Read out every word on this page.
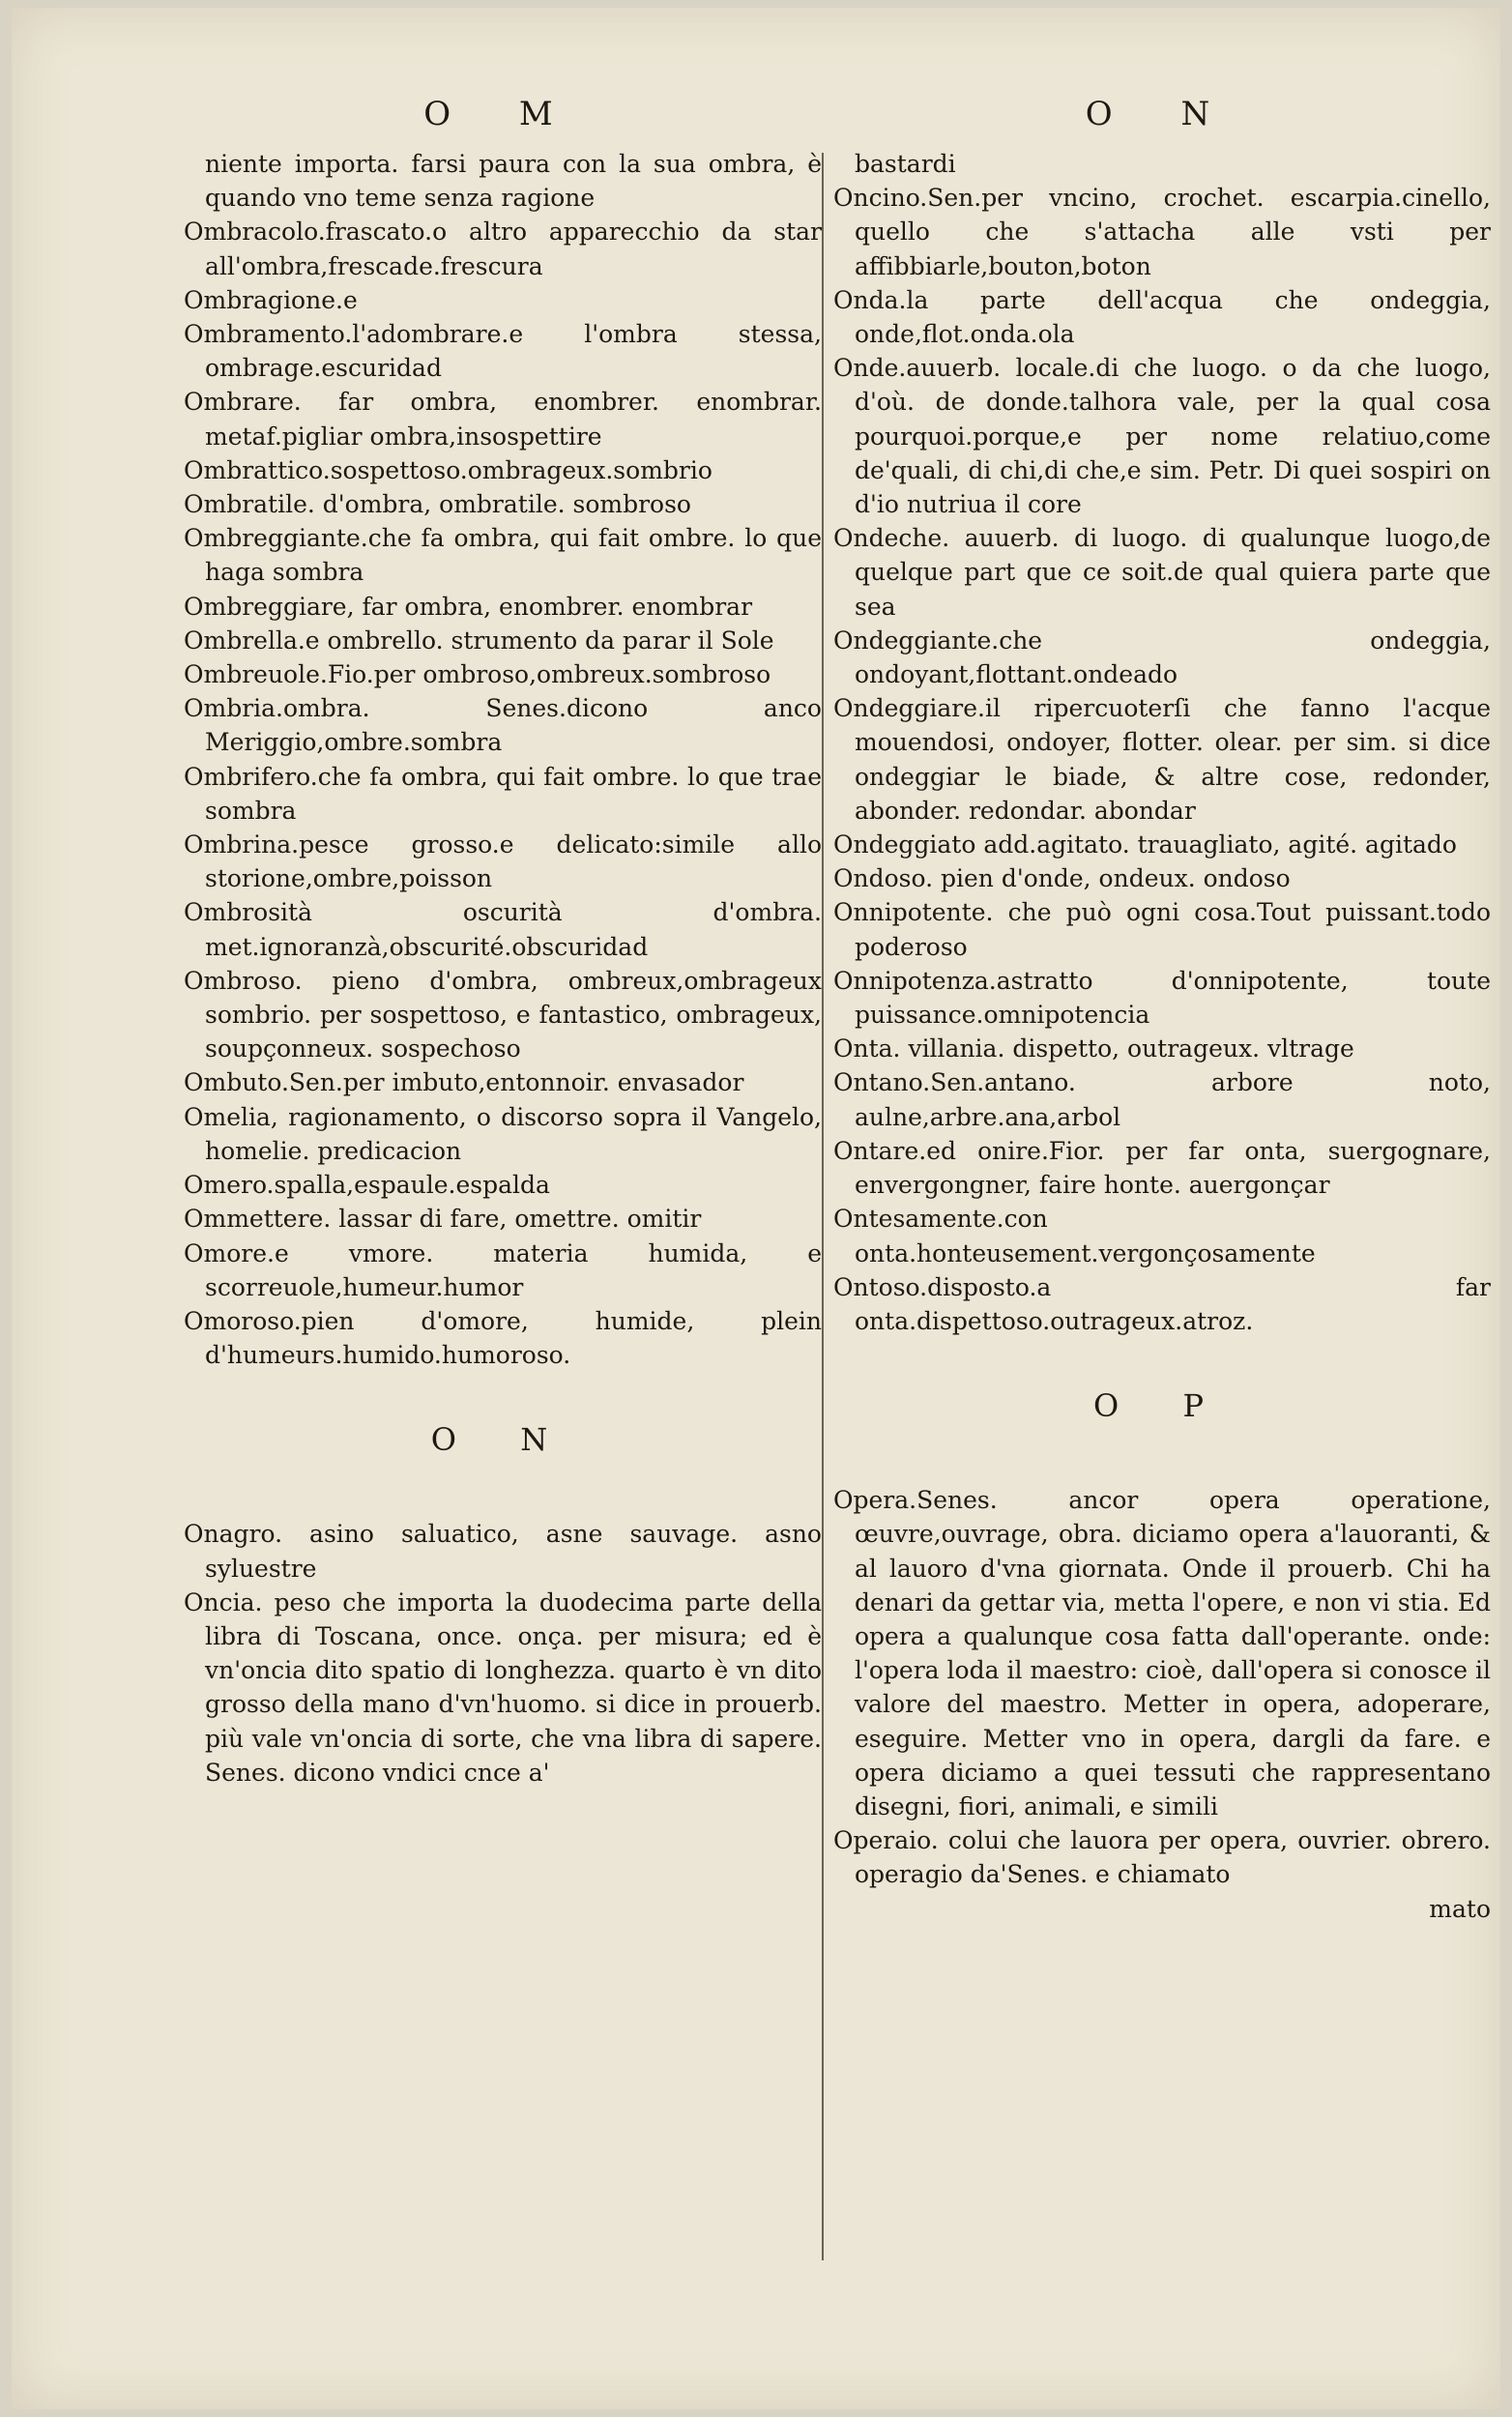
O M

niente importa. farsi paura con la sua ombra, è quando vno teme senza ragione

Ombracolo.frascato.o altro apparecchio da star all'ombra,frescade.frescura

Ombragione.e

Ombramento.l'adombrare.e l'ombra stessa, ombrage.escuridad

Ombrare. far ombra, enombrer. enombrar. metaf.pigliar ombra,insospettire

Ombrattico.sospettoso.ombrageux.sombrio

Ombratile. d'ombra, ombratile. sombroso

Ombreggiante.che fa ombra, qui fait ombre. lo que haga sombra

Ombreggiare, far ombra, enombrer. enombrar

Ombrella.e ombrello. strumento da parar il Sole

Ombreuole.Fio.per ombroso,ombreux.sombroso

Ombria.ombra. Senes.dicono anco Meriggio,ombre.sombra

Ombrifero.che fa ombra, qui fait ombre. lo que trae sombra

Ombrina.pesce grosso.e delicato:simile allo storione,ombre,poisson

Ombrosità oscurità d'ombra. met.ignoranzà,obscurité.obscuridad

Ombroso. pieno d'ombra, ombreux,ombrageux sombrio. per sospettoso, e fantastico, ombrageux, soupçonneux. sospechoso

Ombuto.Sen.per imbuto,entonnoir. envasador

Omelia, ragionamento, o discorso sopra il Vangelo, homelie. predicacion

Omero.spalla,espaule.espalda

Ommettere. lassar di fare, omettre. omitir

Omore.e vmore. materia humida, e scorreuole,humeur.humor

Omoroso.pien d'omore, humide, plein d'humeurs.humido.humoroso.

O N

Onagro. asino saluatico, asne sauvage. asno syluestre

Oncia. peso che importa la duodecima parte della libra di Toscana, once. onça. per misura; ed è vn'oncia dito spatio di longhezza. quarto è vn dito grosso della mano d'vn'huomo. si dice in prouerb. più vale vn'oncia di sorte, che vna libra di sapere. Senes. dicono vndici cnce a'

O N

bastardi

Oncino.Sen.per vncino, crochet. escarpia.cinello, quello che s'attacha alle vsti per affibbiarle,bouton,boton

Onda.la parte dell'acqua che ondeggia, onde,flot.onda.ola

Onde.auuerb. locale.di che luogo. o da che luogo, d'où. de donde.talhora vale, per la qual cosa pourquoi.porque,e per nome relatiuo,come de'quali, di chi,di che,e sim. Petr. Di quei sospiri on d'io nutriua il core

Ondeche. auuerb. di luogo. di qualunque luogo,de quelque part que ce soit.de qual quiera parte que sea

Ondeggiante.che ondeggia, ondoyant,flottant.ondeado

Ondeggiare.il ripercuoterſi che fanno l'acque mouendosi, ondoyer, flotter. olear. per sim. si dice ondeggiar le biade, & altre cose, redonder, abonder. redondar. abondar

Ondeggiato add.agitato. trauagliato, agité. agitado

Ondoso. pien d'onde, ondeux. ondoso

Onnipotente. che può ogni cosa.Tout puissant.todo poderoso

Onnipotenza.astratto d'onnipotente, toute puissance.omnipotencia

Onta. villania. dispetto, outrageux. vltrage

Ontano.Sen.antano. arbore noto, aulne,arbre.ana,arbol

Ontare.ed onire.Fior. per far onta, suergognare, envergongner, faire honte. auergonçar

Ontesamente.con onta.honteusement.vergonçosamente

Ontoso.disposto.a far onta.dispettoso.outrageux.atroz.

O P

Opera.Senes. ancor opera operatione, œuvre,ouvrage, obra. diciamo opera a'lauoranti, & al lauoro d'vna giornata. Onde il prouerb. Chi ha denari da gettar via, metta l'opere, e non vi stia. Ed opera a qualunque cosa fatta dall'operante. onde: l'opera loda il maestro: cioè, dall'opera si conosce il valore del maestro. Metter in opera, adoperare, eseguire. Metter vno in opera, dargli da fare. e opera diciamo a quei tessuti che rappresentano disegni, fiori, animali, e simili

Operaio. colui che lauora per opera, ouvrier. obrero. operagio da'Senes. e chiamato

mato
